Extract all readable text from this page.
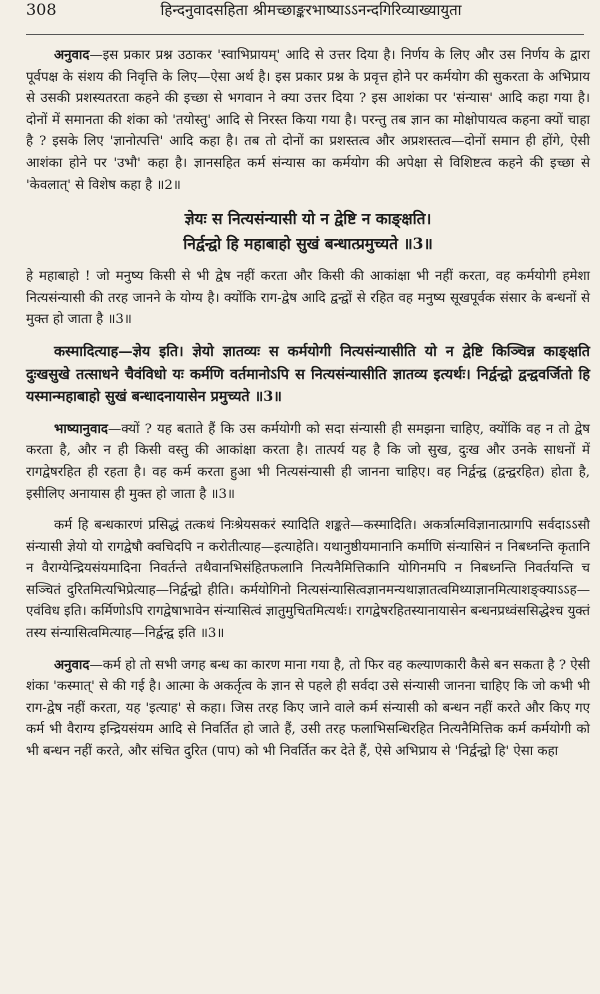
308	हिन्दनुवादसहिता श्रीमच्छाङ्करभाष्याऽऽनन्दगिरिव्याख्यायुता

अनुवाद—इस प्रकार प्रश्न उठाकर 'स्वाभिप्रायम्' आदि से उत्तर दिया है। निर्णय के लिए और उस निर्णय के द्वारा पूर्वपक्ष के संशय की निवृत्ति के लिए—ऐसा अर्थ है। इस प्रकार प्रश्न के प्रवृत्त होने पर कर्मयोग की सुकरता के अभिप्राय से उसकी प्रशस्यतरता कहने की इच्छा से भगवान ने क्या उत्तर दिया ? इस आशंका पर 'संन्यास' आदि कहा गया है। दोनों में समानता की शंका को 'तयोस्तु' आदि से निरस्त किया गया है। परन्तु तब ज्ञान का मोक्षोपायत्व कहना क्यों चाहा है ? इसके लिए 'ज्ञानोत्पत्ति' आदि कहा है। तब तो दोनों का प्रशस्तत्व और अप्रशस्तत्व—दोनों समान ही होंगे, ऐसी आशंका होने पर 'उभौ' कहा है। ज्ञानसहित कर्म संन्यास का कर्मयोग की अपेक्षा से विशिष्टत्व कहने की इच्छा से 'केवलात्' से विशेष कहा है ॥2॥

ज्ञेयः स नित्यसंन्यासी यो न द्वेष्टि न काङ्क्षति।
निर्द्वन्द्वो हि महाबाहो सुखं बन्धात्प्रमुच्यते ॥3॥

हे महाबाहो ! जो मनुष्य किसी से भी द्वेष नहीं करता और किसी की आकांक्षा भी नहीं करता, वह कर्मयोगी हमेशा नित्यसंन्यासी की तरह जानने के योग्य है। क्योंकि राग-द्वेष आदि द्वन्द्वों से रहित वह मनुष्य सूखपूर्वक संसार के बन्धनों से मुक्त हो जाता है ॥3॥

कस्मादित्याह—ज्ञेय इति। ज्ञेयो ज्ञातव्यः स कर्मयोगी नित्यसंन्यासीति यो न द्वेष्टि किञ्चिन्न काङ्क्षति दुःखसुखे तत्साधने चैवंविधो यः कर्मणि वर्तमानोऽपि स नित्यसंन्यासीति ज्ञातव्य इत्यर्थः। निर्द्वन्द्वो द्वन्द्ववर्जितो हि यस्मान्महाबाहो सुखं बन्धादनायासेन प्रमुच्यते ॥3॥

भाष्यानुवाद—क्यों ? यह बताते हैं कि उस कर्मयोगी को सदा संन्यासी ही समझना चाहिए, क्योंकि वह न तो द्वेष करता है, और न ही किसी वस्तु की आकांक्षा करता है। तात्पर्य यह है कि जो सुख, दुःख और उनके साधनों में रागद्वेषरहित ही रहता है। वह कर्म करता हुआ भी नित्यसंन्यासी ही जानना चाहिए। वह निर्द्वन्द्व (द्वन्द्वरहित) होता है, इसीलिए अनायास ही मुक्त हो जाता है ॥3॥

कर्म हि बन्धकारणं प्रसिद्धं तत्कथं निःश्रेयसकरं स्यादिति शङ्कते—कस्मादिति। अकर्त्रात्मविज्ञानात्प्रागपि सर्वदाऽऽसौ संन्यासी ज्ञेयो यो रागद्वेषौ क्वचिदपि न करोतीत्याह—इत्याहेति। यथानुष्ठीयमानानि कर्माणि संन्यासिनं न निबध्नन्ति कृतानि न वैराग्येन्द्रियसंयमादिना निवर्तन्ते तथैवानभिसंहितफलानि नित्यनैमित्तिकानि योगिनमपि न निबध्नन्ति निवर्तयन्ति च सञ्चितं दुरितमित्यभिप्रेत्याह—निर्द्वन्द्वो हीति। कर्मयोगिनो नित्यसंन्यासित्वज्ञानमन्यथाज्ञातत्वमिथ्याज्ञानमित्याशङ्क्याऽऽह—एवंविध इति। कर्मिणोऽपि रागद्वेषाभावेन संन्यासित्वं ज्ञातुमुचितमित्यर्थः। रागद्वेषरहितस्यानायासेन बन्धनप्रध्वंससिद्धेश्च युक्तं तस्य संन्यासित्वमित्याह—निर्द्वन्द्व इति ॥3॥

अनुवाद—कर्म हो तो सभी जगह बन्ध का कारण माना गया है, तो फिर वह कल्याणकारी कैसे बन सकता है ? ऐसी शंका 'कस्मात्' से की गई है। आत्मा के अकर्तृत्व के ज्ञान से पहले ही सर्वदा उसे संन्यासी जानना चाहिए कि जो कभी भी राग-द्वेष नहीं करता, यह 'इत्याह' से कहा। जिस तरह किए जाने वाले कर्म संन्यासी को बन्धन नहीं करते और किए गए कर्म भी वैराग्य इन्द्रियसंयम आदि से निवर्तित हो जाते हैं, उसी तरह फलाभिसन्धिरहित नित्यनैमित्तिक कर्म कर्मयोगी को भी बन्धन नहीं करते, और संचित दुरित (पाप) को भी निवर्तित कर देते हैं, ऐसे अभिप्राय से 'निर्द्वन्द्वो हि' ऐसा कहा
